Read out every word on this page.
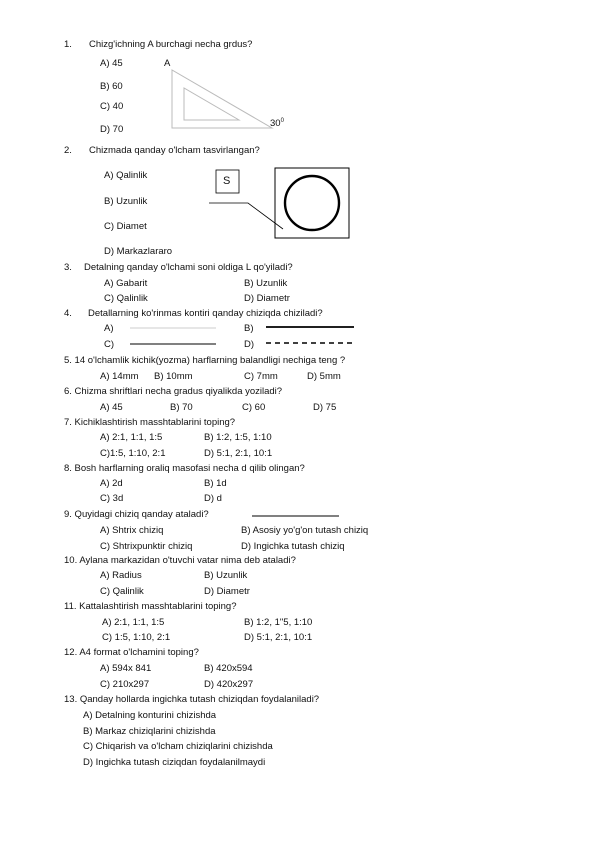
1. Chizg'ichning A burchagi necha grdus?
A
$30^0$
A) 45
B) 60
C) 40
D) 70
2. Chizmada qanday o'lcham tasvirlangan?
S
A) Qalinlik
B) Uzunlik
C) Diamet
D) Markazlararo
3. Detalning qanday o'lchami soni oldiga L qo'yiladi?
A) Gabarit	B) Uzunlik
C) Qalinlik	D) Diametr
4. Detallarning ko'rinmas kontiri qanday chiziqda chiziladi?
A)	B)
C)	D)
5. 14 o'lchamlik kichik(yozma) harflarning balandligi nechiga teng ?
A) 14mm B) 10mm	C) 7mm	D) 5mm
6. Chizma shriftlari necha gradus qiyalikda yoziladi?
A) 45	B) 70	C) 60	D) 75
7. Kichiklashtirish masshtablarini toping?
A) 2:1, 1:1, 1:5	B) 1:2, 1:5, 1:10
C)1:5, 1:10, 2:1	D) 5:1, 2:1, 10:1
8. Bosh harflarning oraliq masofasi necha d qilib olingan?
A) 2d	B) 1d
C) 3d	D) d
9. Quyidagi chiziq qanday ataladi?
A) Shtrix chiziq	B) Asosiy yo'g'on tutash chiziq
C) Shtrixpunktir chiziq	D) Ingichka tutash chiziq
10. Aylana markazidan o'tuvchi vatar nima deb ataladi?
A) Radius	B) Uzunlik
C) Qalinlik	D) Diametr
11. Kattalashtirish masshtablarini toping?
A) 2:1, 1:1, 1:5	B) 1:2, 1"5, 1:10
C) 1:5, 1:10, 2:1	D) 5:1, 2:1, 10:1
12. A4 format o'lchamini toping?
A) 594x 841	B) 420x594
C) 210x297	D) 420x297
13. Qanday hollarda ingichka tutash chiziqdan foydalaniladi?
A) Detalning konturini chizishda
B) Markaz chiziqlarini chizishda
C) Chiqarish va o'lcham chiziqlarini chizishda
D) Ingichka tutash ciziqdan foydalanilmaydi
